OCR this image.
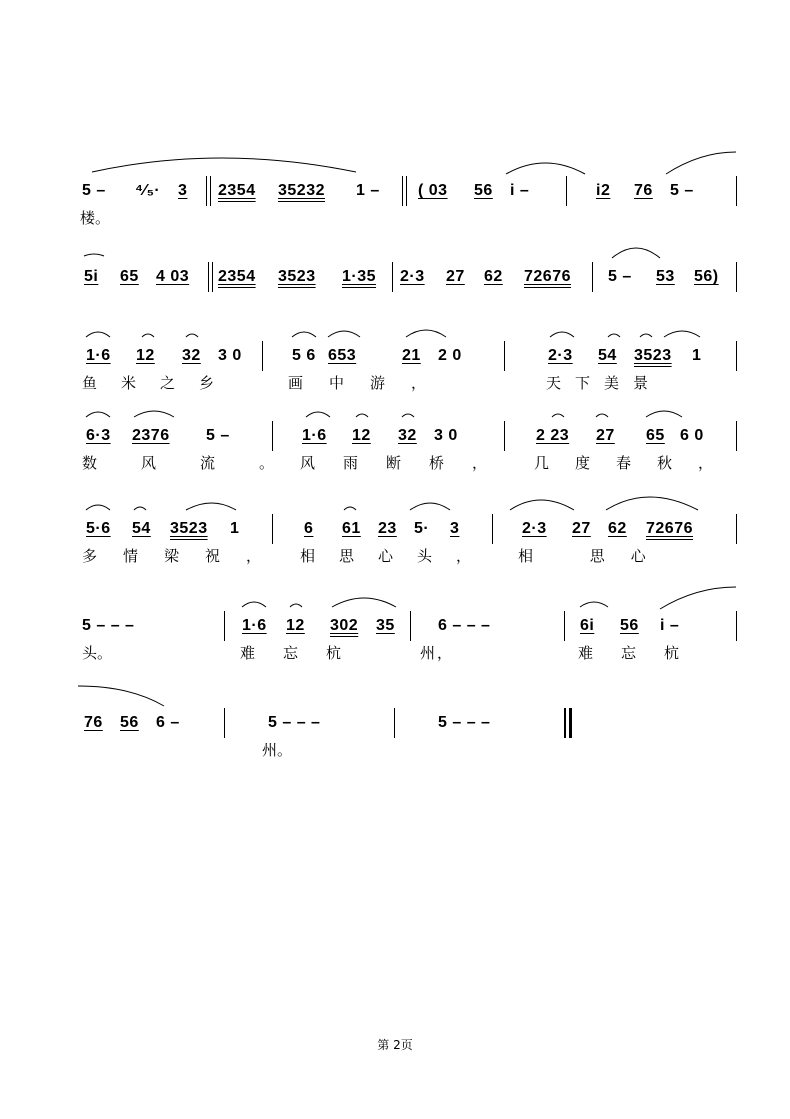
5 – ⁴⁄₅· 3 2354 35232 1 – ( 03 56 i –	i2 76 5 –
楼。
5i 65 4 03 2354 3523 1·35 2·3 27 62 72676 5 – 53 56)
1·6 12 32 3 0	5 6 653	21 2 0	2·3 54 3523 1
鱼米之乡	画中游，	天下美景
6·3 2376 5 –	1·6 12 32 3 0	2 23 27 65 6 0
数风流。
风雨断桥， 几度春秋，
5·6 54 3523 1	6 61 23 5· 3	2·3 27 62 72676
多情梁祝， 相思心头， 相 思心
5 – – –	1·6 12 302 35	6 – – –	6i 56 i –
头。	难忘杭	州，	难忘杭
76 56 6 –	5 – – –	5 – – –
州。
第 2页
